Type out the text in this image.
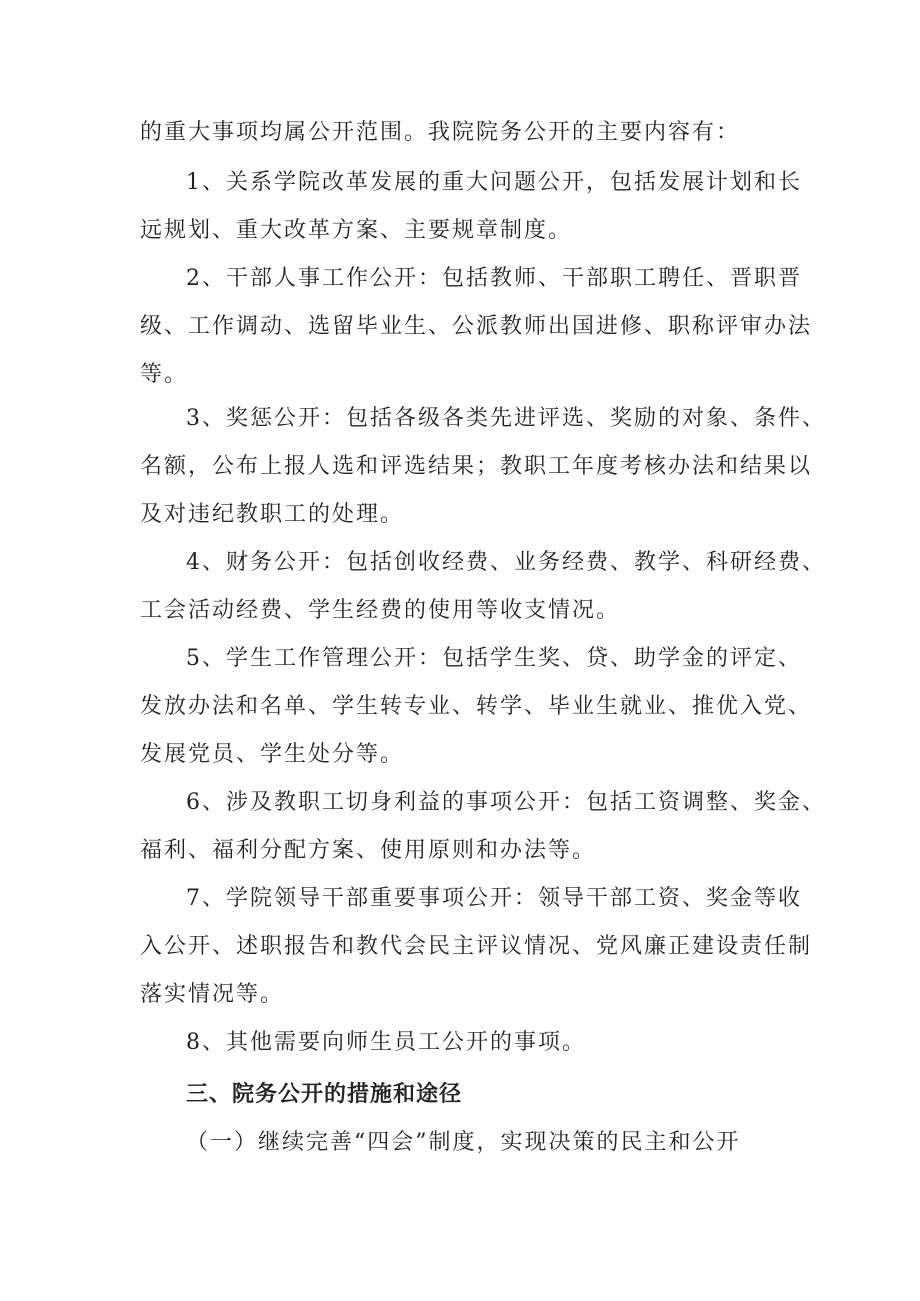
的重大事项均属公开范围。我院院务公开的主要内容有：
1、关系学院改革发展的重大问题公开，包括发展计划和长
远规划、重大改革方案、主要规章制度。
2、干部人事工作公开：包括教师、干部职工聘任、晋职晋
级、工作调动、选留毕业生、公派教师出国进修、职称评审办法
等。
3、奖惩公开：包括各级各类先进评选、奖励的对象、条件、
名额，公布上报人选和评选结果；教职工年度考核办法和结果以
及对违纪教职工的处理。
4、财务公开：包括创收经费、业务经费、教学、科研经费、
工会活动经费、学生经费的使用等收支情况。
5、学生工作管理公开：包括学生奖、贷、助学金的评定、
发放办法和名单、学生转专业、转学、毕业生就业、推优入党、
发展党员、学生处分等。
6、涉及教职工切身利益的事项公开：包括工资调整、奖金、
福利、福利分配方案、使用原则和办法等。
7、学院领导干部重要事项公开：领导干部工资、奖金等收
入公开、述职报告和教代会民主评议情况、党风廉正建设责任制
落实情况等。
8、其他需要向师生员工公开的事项。
三、院务公开的措施和途径
（一）继续完善“四会”制度，实现决策的民主和公开
